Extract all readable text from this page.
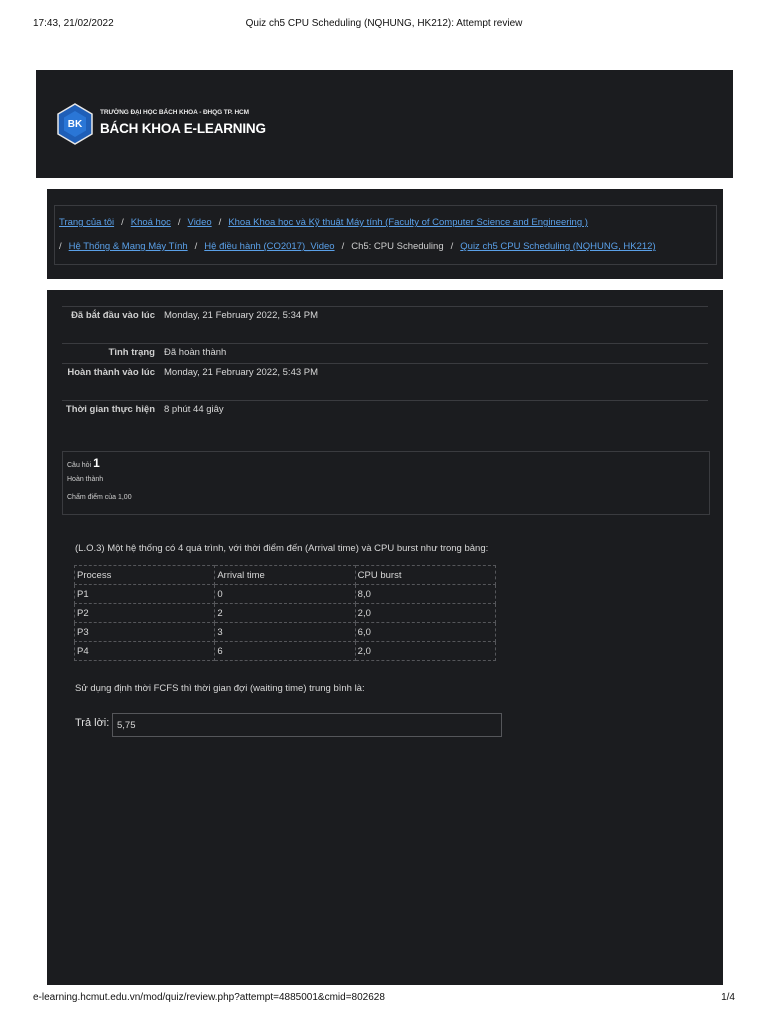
17:43, 21/02/2022	Quiz ch5 CPU Scheduling (NQHUNG, HK212): Attempt review
BK
TRƯỜNG ĐẠI HỌC BÁCH KHOA - ĐHQG TP. HCM
BÁCH KHOA E-LEARNING
Trang của tôi / Khoá học / Video / Khoa Khoa học và Kỹ thuật Máy tính (Faculty of Computer Science and Engineering )
/ Hệ Thống & Mạng Máy Tính / Hệ điều hành (CO2017)_Video / Ch5: CPU Scheduling / Quiz ch5 CPU Scheduling (NQHUNG, HK212)
Đã bắt đầu vào lúc Monday, 21 February 2022, 5:34 PM
Tình trạng Đã hoàn thành
Hoàn thành vào lúc Monday, 21 February 2022, 5:43 PM
Thời gian thực hiện 8 phút 44 giây
Câu hỏi 1
Hoàn thành
Chấm điểm của 1,00
(L.O.3) Một hệ thống có 4 quá trình, với thời điểm đến (Arrival time) và CPU burst như trong bảng:
Process	Arrival time	CPU burst
P1	0	8,0
P2	2	2,0
P3	3	6,0
P4	6	2,0
Sử dụng định thời FCFS thì thời gian đợi (waiting time) trung bình là:
Trả lời:
5,75
e-learning.hcmut.edu.vn/mod/quiz/review.php?attempt=4885001&cmid=802628	1/4
